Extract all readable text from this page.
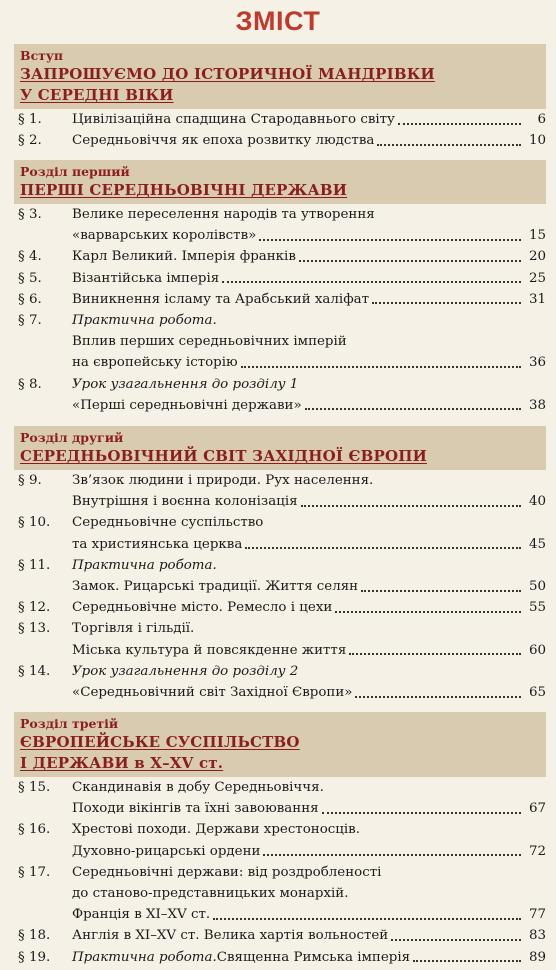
ЗМІСТ
Вступ
ЗАПРОШУЄМО ДО ІСТОРИЧНОЇ МАНДРІВКИ
У СЕРЕДНІ ВІКИ
§ 1.	Цивілізаційна спадщина Стародавнього світу	6
§ 2.	Середньовіччя як епоха розвитку людства	10
Розділ перший
ПЕРШІ СЕРЕДНЬОВІЧНІ ДЕРЖАВИ
§ 3.	Велике переселення народів та утворення
«варварських королівств»	15
§ 4.	Карл Великий. Імперія франків	20
§ 5.	Візантійська імперія	25
§ 6.	Виникнення ісламу та Арабський халіфат	31
§ 7.	Практична робота.
Вплив перших середньовічних імперій
на європейську історію	36
§ 8.	Урок узагальнення до розділу 1
«Перші середньовічні держави»	38
Розділ другий
СЕРЕДНЬОВІЧНИЙ СВІТ ЗАХІДНОЇ ЄВРОПИ
§ 9.	Зв’язок людини і природи. Рух населення.
Внутрішня і воєнна колонізація	40
§ 10.	Середньовічне суспільство
та християнська церква	45
§ 11.	Практична робота.
Замок. Рицарські традиції. Життя селян	50
§ 12.	Середньовічне місто. Ремесло і цехи	55
§ 13.	Торгівля і гільдії.
Міська культура й повсякденне життя	60
§ 14.	Урок узагальнення до розділу 2
«Середньовічний світ Західної Європи»	65
Розділ третій
ЄВРОПЕЙСЬКЕ СУСПІЛЬСТВО
І ДЕРЖАВИ в Х–ХV ст.
§ 15.	Скандинавія в добу Середньовіччя.
Походи вікінгів та їхні завоювання	67
§ 16.	Хрестові походи. Держави хрестоносців.
Духовно-рицарські ордени	72
§ 17.	Середньовічні держави: від роздробленості
до станово-представницьких монархій.
Франція в ХІ–ХV ст.	77
§ 18.	Англія в ХІ–ХV ст. Велика хартія вольностей	83
§ 19.	Практична робота. Священна Римська імперія	89
